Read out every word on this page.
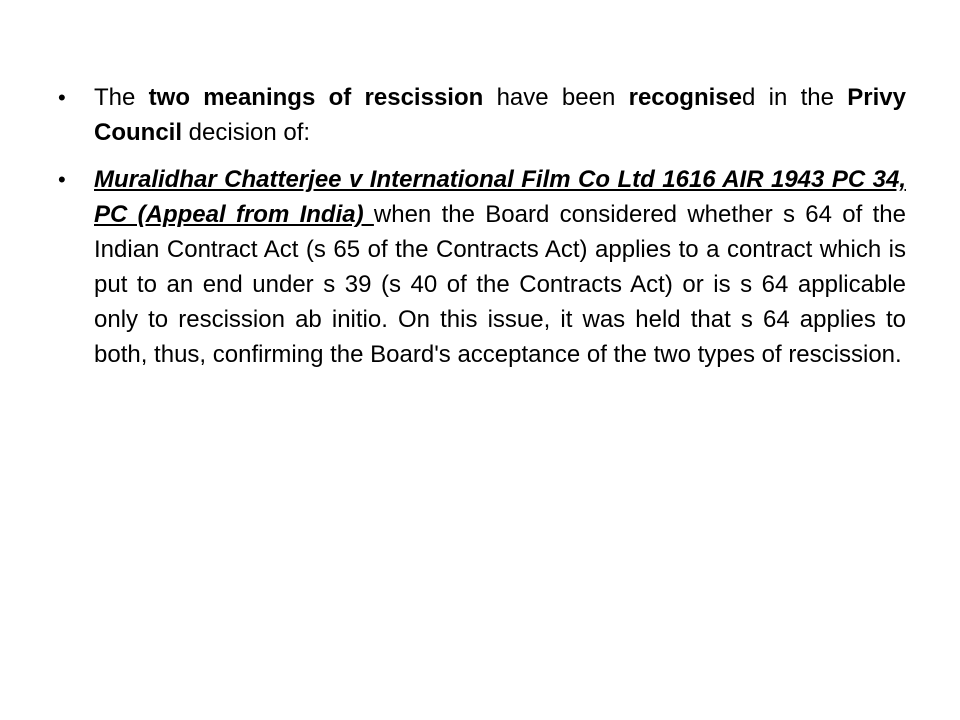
•	The two meanings of rescission have been recognised in the Privy Council decision of:
•	Muralidhar Chatterjee v International Film Co Ltd 1616 AIR 1943 PC 34, PC (Appeal from India) when the Board considered whether s 64 of the Indian Contract Act (s 65 of the Contracts Act) applies to a contract which is put to an end under s 39 (s 40 of the Contracts Act) or is s 64 applicable only to rescission ab initio. On this issue, it was held that s 64 applies to both, thus, confirming the Board's acceptance of the two types of rescission.
